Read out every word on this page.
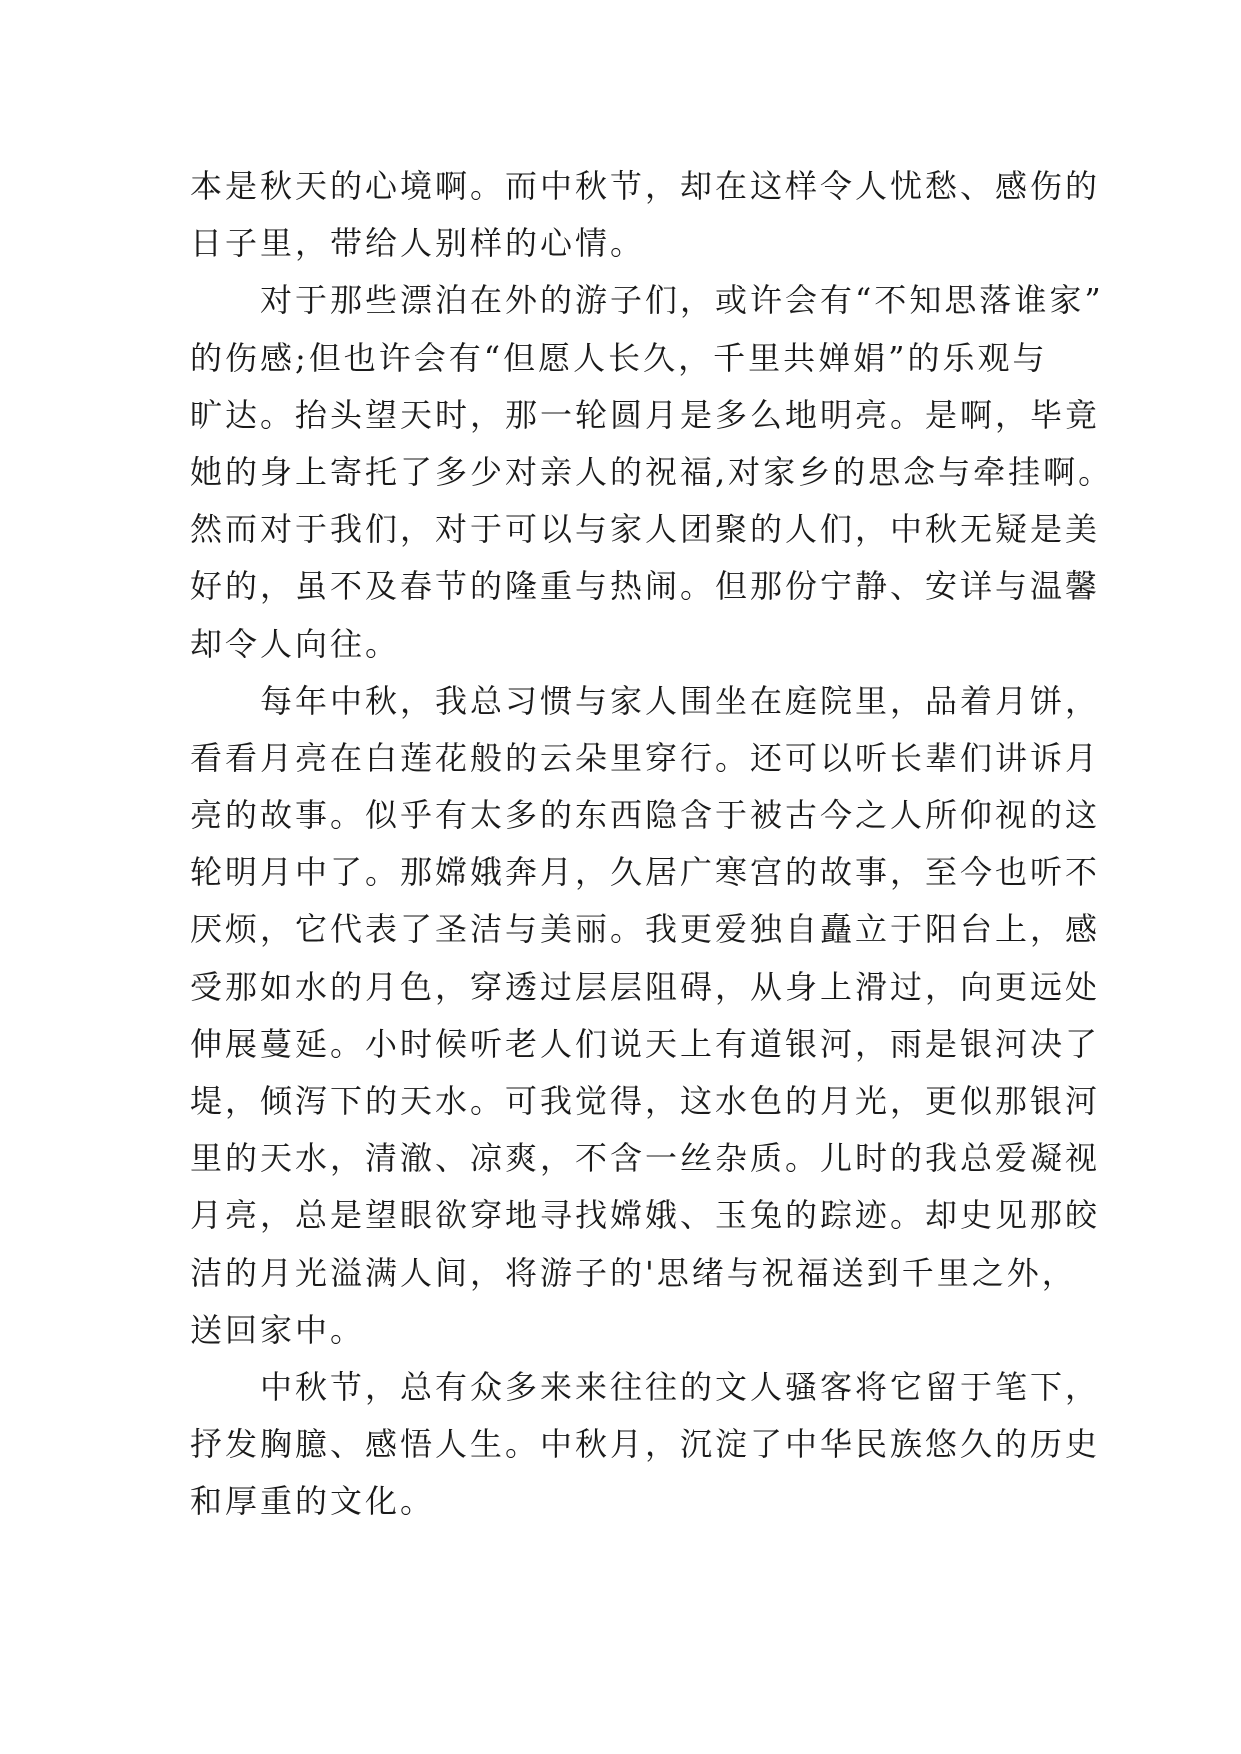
本是秋天的心境啊。而中秋节，却在这样令人忧愁、感伤的
日子里，带给人别样的心情。
对于那些漂泊在外的游子们，或许会有“不知思落谁家”
的伤感;但也许会有“但愿人长久，千里共婵娟”的乐观与
旷达。抬头望天时，那一轮圆月是多么地明亮。是啊，毕竟
她的身上寄托了多少对亲人的祝福,对家乡的思念与牵挂啊。
然而对于我们，对于可以与家人团聚的人们，中秋无疑是美
好的，虽不及春节的隆重与热闹。但那份宁静、安详与温馨
却令人向往。
每年中秋，我总习惯与家人围坐在庭院里，品着月饼，
看看月亮在白莲花般的云朵里穿行。还可以听长辈们讲诉月
亮的故事。似乎有太多的东西隐含于被古今之人所仰视的这
轮明月中了。那嫦娥奔月，久居广寒宫的故事，至今也听不
厌烦，它代表了圣洁与美丽。我更爱独自矗立于阳台上，感
受那如水的月色，穿透过层层阻碍，从身上滑过，向更远处
伸展蔓延。小时候听老人们说天上有道银河，雨是银河决了
堤，倾泻下的天水。可我觉得，这水色的月光，更似那银河
里的天水，清澈、凉爽，不含一丝杂质。儿时的我总爱凝视
月亮，总是望眼欲穿地寻找嫦娥、玉兔的踪迹。却史见那皎
洁的月光溢满人间，将游子的'思绪与祝福送到千里之外，
送回家中。
中秋节，总有众多来来往往的文人骚客将它留于笔下，
抒发胸臆、感悟人生。中秋月，沉淀了中华民族悠久的历史
和厚重的文化。
